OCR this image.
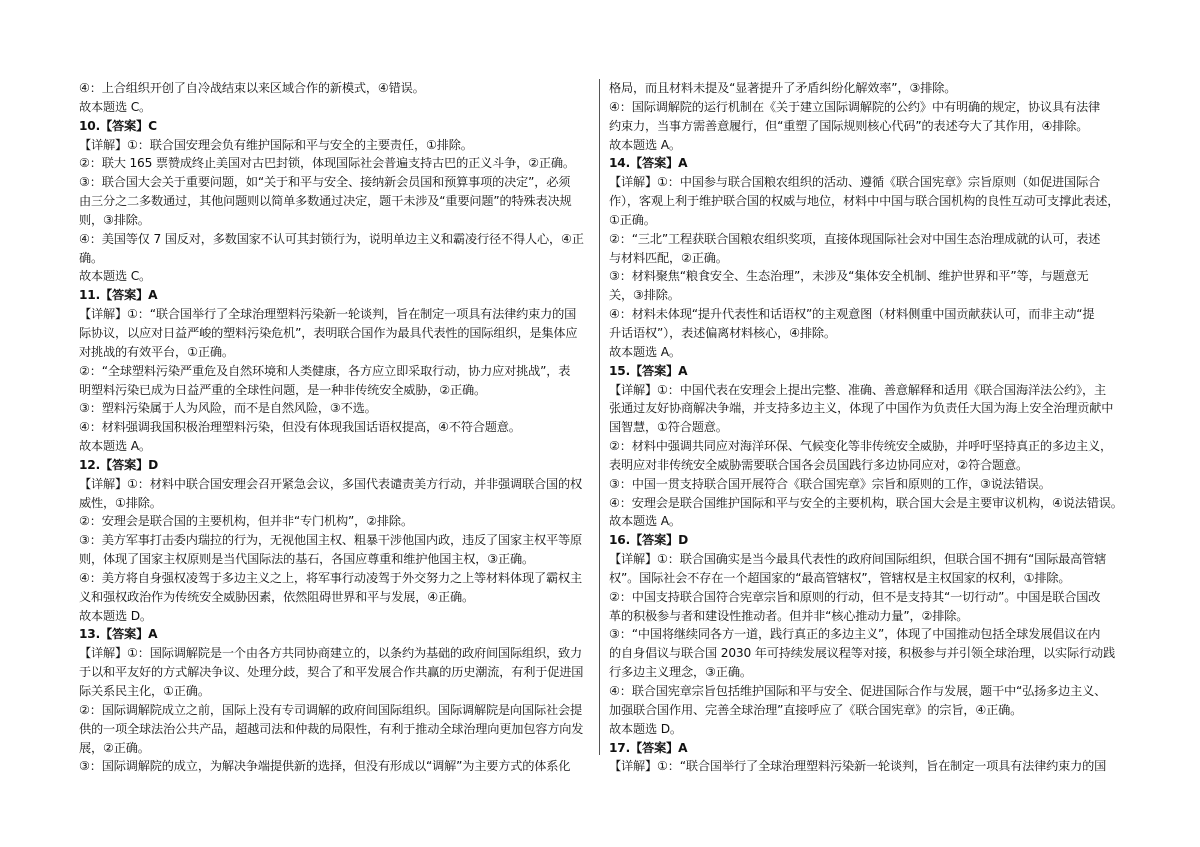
④：上合组织开创了自冷战结束以来区域合作的新模式，④错误。
故本题选 C。
10.【答案】C
【详解】①：联合国安理会负有维护国际和平与安全的主要责任，①排除。
②：联大 165 票赞成终止美国对古巴封锁，体现国际社会普遍支持古巴的正义斗争，②正确。
③：联合国大会关于重要问题，如“关于和平与安全、接纳新会员国和预算事项的决定”，必须
由三分之二多数通过，其他问题则以简单多数通过决定，题干未涉及“重要问题”的特殊表决规
则，③排除。
④：美国等仅 7 国反对，多数国家不认可其封锁行为，说明单边主义和霸凌行径不得人心，④正
确。
故本题选 C。
11.【答案】A
【详解】①：“联合国举行了全球治理塑料污染新一轮谈判，旨在制定一项具有法律约束力的国
际协议，以应对日益严峻的塑料污染危机”，表明联合国作为最具代表性的国际组织，是集体应
对挑战的有效平台，①正确。
②：“全球塑料污染严重危及自然环境和人类健康，各方应立即采取行动，协力应对挑战”，表
明塑料污染已成为日益严重的全球性问题，是一种非传统安全威胁，②正确。
③：塑料污染属于人为风险，而不是自然风险，③不选。
④：材料强调我国积极治理塑料污染，但没有体现我国话语权提高，④不符合题意。
故本题选 A。
12.【答案】D
【详解】①：材料中联合国安理会召开紧急会议，多国代表谴责美方行动，并非强调联合国的权
威性，①排除。
②：安理会是联合国的主要机构，但并非“专门机构”，②排除。
③：美方军事打击委内瑞拉的行为，无视他国主权、粗暴干涉他国内政，违反了国家主权平等原
则，体现了国家主权原则是当代国际法的基石，各国应尊重和维护他国主权，③正确。
④：美方将自身强权凌驾于多边主义之上，将军事行动凌驾于外交努力之上等材料体现了霸权主
义和强权政治作为传统安全威胁因素，依然阻碍世界和平与发展，④正确。
故本题选 D。
13.【答案】A
【详解】①：国际调解院是一个由各方共同协商建立的，以条约为基础的政府间国际组织，致力
于以和平友好的方式解决争议、处理分歧，契合了和平发展合作共赢的历史潮流，有利于促进国
际关系民主化，①正确。
②：国际调解院成立之前，国际上没有专司调解的政府间国际组织。国际调解院是向国际社会提
供的一项全球法治公共产品，超越司法和仲裁的局限性，有利于推动全球治理向更加包容方向发
展，②正确。
③：国际调解院的成立，为解决争端提供新的选择，但没有形成以“调解”为主要方式的体系化
格局，而且材料未提及“显著提升了矛盾纠纷化解效率”，③排除。
④：国际调解院的运行机制在《关于建立国际调解院的公约》中有明确的规定，协议具有法律
约束力，当事方需善意履行，但“重塑了国际规则核心代码”的表述夸大了其作用，④排除。
故本题选 A。
14.【答案】A
【详解】①：中国参与联合国粮农组织的活动、遵循《联合国宪章》宗旨原则（如促进国际合
作），客观上利于维护联合国的权威与地位，材料中中国与联合国机构的良性互动可支撑此表述，
①正确。
②：“三北”工程获联合国粮农组织奖项，直接体现国际社会对中国生态治理成就的认可，表述
与材料匹配，②正确。
③：材料聚焦“粮食安全、生态治理”，未涉及“集体安全机制、维护世界和平”等，与题意无
关，③排除。
④：材料未体现“提升代表性和话语权”的主观意图（材料侧重中国贡献获认可，而非主动“提
升话语权”），表述偏离材料核心，④排除。
故本题选 A。
15.【答案】A
【详解】①：中国代表在安理会上提出完整、准确、善意解释和适用《联合国海洋法公约》，主
张通过友好协商解决争端，并支持多边主义，体现了中国作为负责任大国为海上安全治理贡献中
国智慧，①符合题意。
②：材料中强调共同应对海洋环保、气候变化等非传统安全威胁，并呼吁坚持真正的多边主义，
表明应对非传统安全威胁需要联合国各会员国践行多边协同应对，②符合题意。
③：中国一贯支持联合国开展符合《联合国宪章》宗旨和原则的工作，③说法错误。
④：安理会是联合国维护国际和平与安全的主要机构，联合国大会是主要审议机构，④说法错误。
故本题选 A。
16.【答案】D
【详解】①：联合国确实是当今最具代表性的政府间国际组织，但联合国不拥有“国际最高管辖
权”。国际社会不存在一个超国家的“最高管辖权”，管辖权是主权国家的权利，①排除。
②：中国支持联合国符合宪章宗旨和原则的行动，但不是支持其“一切行动”。中国是联合国改
革的积极参与者和建设性推动者。但并非“核心推动力量”，②排除。
③：“中国将继续同各方一道，践行真正的多边主义”，体现了中国推动包括全球发展倡议在内
的自身倡议与联合国 2030 年可持续发展议程等对接，积极参与并引领全球治理，以实际行动践
行多边主义理念，③正确。
④：联合国宪章宗旨包括维护国际和平与安全、促进国际合作与发展，题干中“弘扬多边主义、
加强联合国作用、完善全球治理”直接呼应了《联合国宪章》的宗旨，④正确。
故本题选 D。
17.【答案】A
【详解】①：“联合国举行了全球治理塑料污染新一轮谈判，旨在制定一项具有法律约束力的国
